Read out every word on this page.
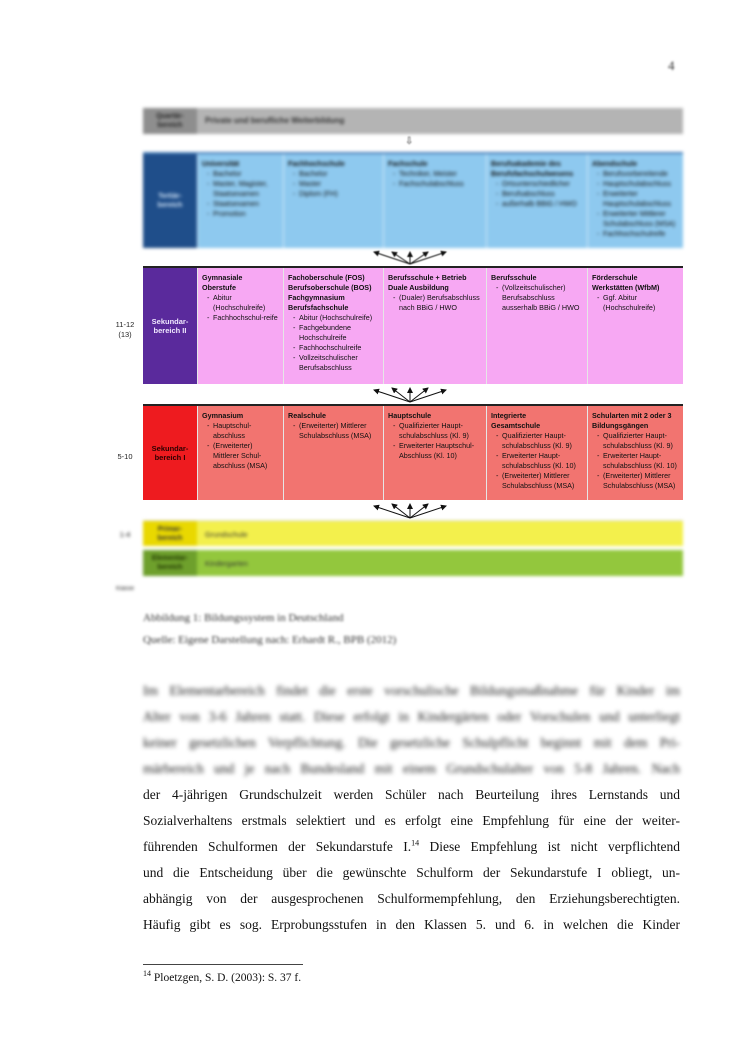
4
Quartär-
bereich
Private und berufliche Weiterbildung
⇩
Tertiär-
bereich
Universität
- Bachelor
- Master, Magister, Staatsexamen
- Staatsexamen
- Promotion
Fachhochschule
- Bachelor
- Master
- Diplom (FH)
Fachschule
- Techniker, Meister
- Fachschulabschluss
Berufsakademie des Berufsfachschulwesens
- Ortsunterschiedlicher
- Berufsabschluss
- außerhalb BBiG / HWO
Abendschule
- Berufsvorbereitende
- Hauptschulabschluss
- Erweiterter Hauptschulabschluss
- Erweiterter Mittlerer Schulabschluss (MSA)
- Fachhochschulreife
Sekundar-
bereich II
Gymnasiale
Oberstufe
- Abitur (Hochschulreife)
- Fachhochschul-reife
Fachoberschule (FOS)
Berufsoberschule (BOS)
Fachgymnasium
Berufsfachschule
- Abitur (Hochschulreife)
- Fachgebundene Hochschulreife
- Fachhochschulreife
- Vollzeitschulischer Berufsabschluss
Berufsschule + Betrieb
Duale Ausbildung
- (Dualer) Berufsabschluss nach BBiG / HWO
Berufsschule
- (Vollzeitschulischer) Berufsabschluss ausserhalb BBiG / HWO
Förderschule
Werkstätten (WfbM)
- Ggf. Abitur (Hochschulreife)
11-12
(13)
Sekundar-
bereich I
Gymnasium
- Hauptschul-abschluss
- (Erweiterter) Mittlerer Schul-abschluss (MSA)
Realschule
- (Erweiterter) Mittlerer Schulabschluss (MSA)
Hauptschule
- Qualifizierter Haupt-schulabschluss (Kl. 9)
- Erweiterter Hauptschul-Abschluss (Kl. 10)
Integrierte
Gesamtschule
- Qualifizierter Haupt-schulabschluss (Kl. 9)
- Erweiterter Haupt-schulabschluss (Kl. 10)
- (Erweiterter) Mittlerer Schulabschluss (MSA)
Schularten mit 2 oder 3
Bildungsgängen
- Qualifizierter Haupt-schulabschluss (Kl. 9)
- Erweiterter Haupt-schulabschluss (Kl. 10)
- (Erweiterter) Mittlerer Schulabschluss (MSA)
5-10
Primar-
bereich	Grundschule
1-4
Elementar-
bereich	Kindergarten
Klasse
Abbildung 1: Bildungssystem in Deutschland
Quelle: Eigene Darstellung nach: Erhardt R., BPB (2012)
Im Elementarbereich findet die erste vorschulische Bildungsmaßnahme für Kinder im
Alter von 3-6 Jahren statt. Diese erfolgt in Kindergärten oder Vorschulen und unterliegt
keiner gesetzlichen Verpflichtung. Die gesetzliche Schulpflicht beginnt mit dem Pri-
märbereich und je nach Bundesland mit einem Grundschulalter von 5-8 Jahren. Nach
der 4-jährigen Grundschulzeit werden Schüler nach Beurteilung ihres Lernstands und
Sozialverhaltens erstmals selektiert und es erfolgt eine Empfehlung für eine der weiter-
führenden Schulformen der Sekundarstufe I.$^{14}$ Diese Empfehlung ist nicht verpflichtend
und die Entscheidung über die gewünschte Schulform der Sekundarstufe I obliegt, un-
abhängig von der ausgesprochenen Schulformempfehlung, den Erziehungsberechtigten.
Häufig gibt es sog. Erprobungsstufen in den Klassen 5. und 6. in welchen die Kinder
$^{14}$ Ploetzgen, S. D. (2003): S. 37 f.
